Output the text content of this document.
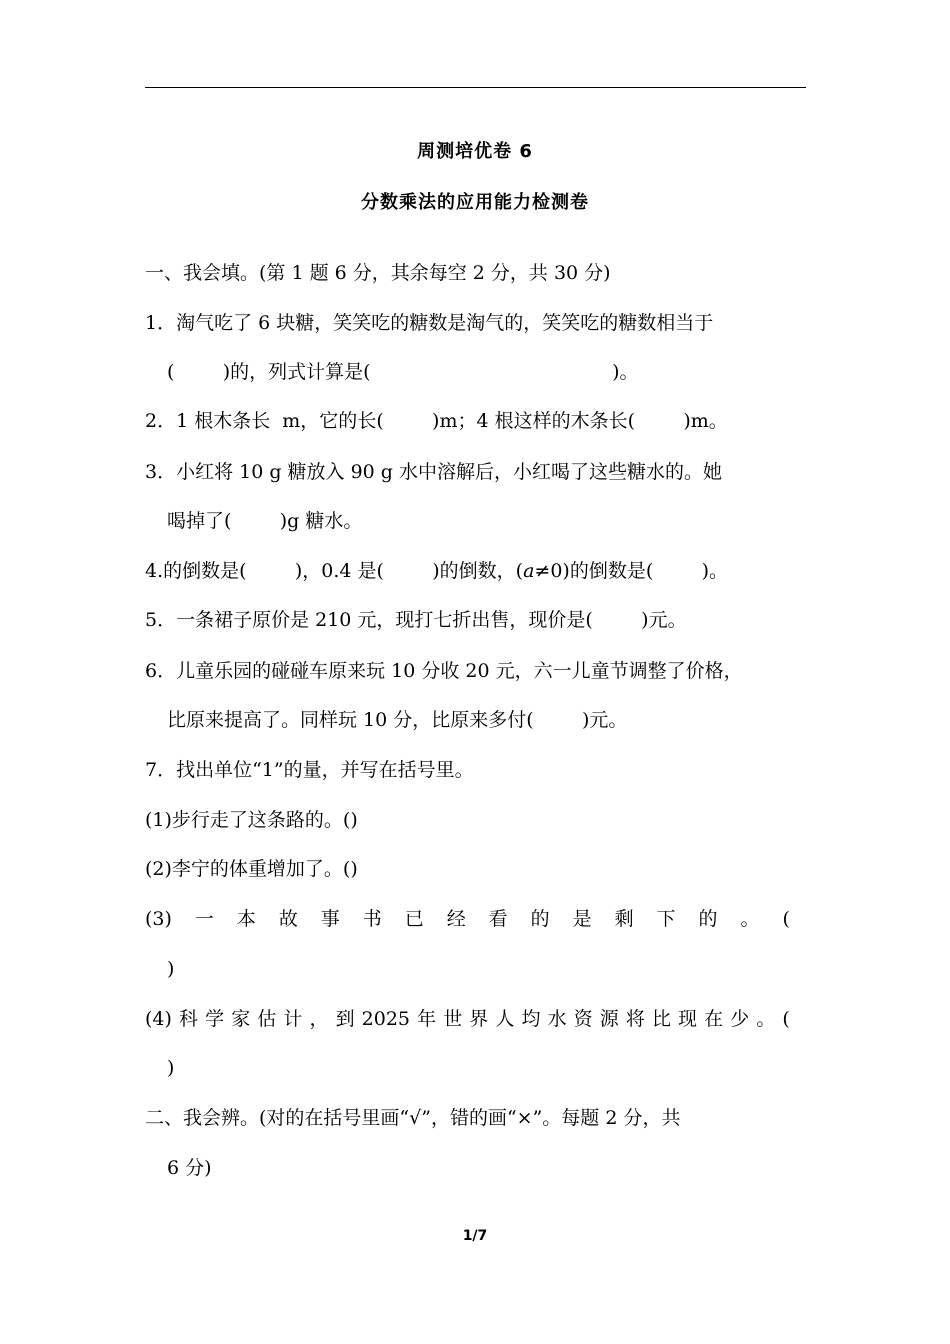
周测培优卷 6
分数乘法的应用能力检测卷
一、我会填。(第 1 题 6 分，其余每空 2 分，共 30 分)
1．淘气吃了 6 块糖，笑笑吃的糖数是淘气的，笑笑吃的糖数相当于
(        )的，列式计算是(                                        )。
2．1 根木条长  m，它的长(        )m；4 根这样的木条长(        )m。
3．小红将 10 g 糖放入 90 g 水中溶解后，小红喝了这些糖水的。她
喝掉了(        )g 糖水。
4.的倒数是(        )，0.4 是(        )的倒数，(a≠0)的倒数是(        )。
5．一条裙子原价是 210 元，现打七折出售，现价是(        )元。
6．儿童乐园的碰碰车原来玩 10 分收 20 元，六一儿童节调整了价格，
比原来提高了。同样玩 10 分，比原来多付(        )元。
7．找出单位“1”的量，并写在括号里。
(1)步行走了这条路的。()
(2)李宁的体重增加了。()
(3) 一 本 故 事 书 已 经 看 的 是 剩 下 的 。 (
)
(4) 科 学 家 估 计 ， 到 2025 年 世 界 人 均 水 资 源 将 比 现 在 少 。 (
)
二、我会辨。(对的在括号里画“√”，错的画“×”。每题 2 分，共
6 分)
1/7
